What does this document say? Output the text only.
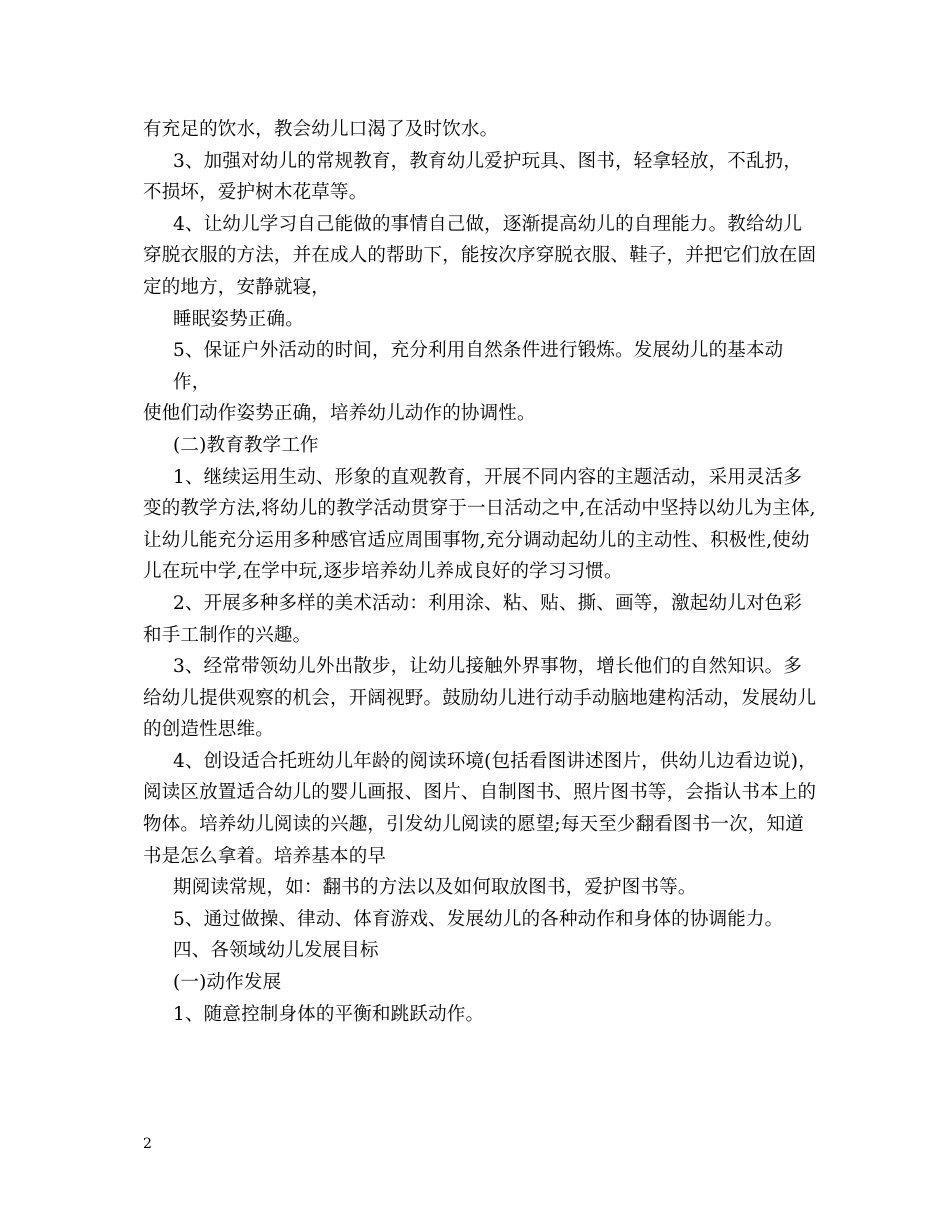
有充足的饮水，教会幼儿口渴了及时饮水。

3、加强对幼儿的常规教育，教育幼儿爱护玩具、图书，轻拿轻放，不乱扔，

不损坏，爱护树木花草等。

4、让幼儿学习自己能做的事情自己做，逐渐提高幼儿的自理能力。教给幼儿

穿脱衣服的方法，并在成人的帮助下，能按次序穿脱衣服、鞋子，并把它们放在固

定的地方，安静就寝，

睡眠姿势正确。

5、保证户外活动的时间，充分利用自然条件进行锻炼。发展幼儿的基本动作，

使他们动作姿势正确，培养幼儿动作的协调性。

(二)教育教学工作

1、继续运用生动、形象的直观教育，开展不同内容的主题活动，采用灵活多

变的教学方法,将幼儿的教学活动贯穿于一日活动之中,在活动中坚持以幼儿为主体,

让幼儿能充分运用多种感官适应周围事物,充分调动起幼儿的主动性、积极性,使幼

儿在玩中学,在学中玩,逐步培养幼儿养成良好的学习习惯。

2、开展多种多样的美术活动：利用涂、粘、贴、撕、画等，激起幼儿对色彩

和手工制作的兴趣。

3、经常带领幼儿外出散步，让幼儿接触外界事物，增长他们的自然知识。多

给幼儿提供观察的机会，开阔视野。鼓励幼儿进行动手动脑地建构活动，发展幼儿

的创造性思维。

4、创设适合托班幼儿年龄的阅读环境(包括看图讲述图片，供幼儿边看边说)，

阅读区放置适合幼儿的婴儿画报、图片、自制图书、照片图书等，会指认书本上的

物体。培养幼儿阅读的兴趣，引发幼儿阅读的愿望;每天至少翻看图书一次，知道

书是怎么拿着。培养基本的早

期阅读常规，如：翻书的方法以及如何取放图书，爱护图书等。

5、通过做操、律动、体育游戏、发展幼儿的各种动作和身体的协调能力。

四、各领域幼儿发展目标

(一)动作发展

1、随意控制身体的平衡和跳跃动作。

2
